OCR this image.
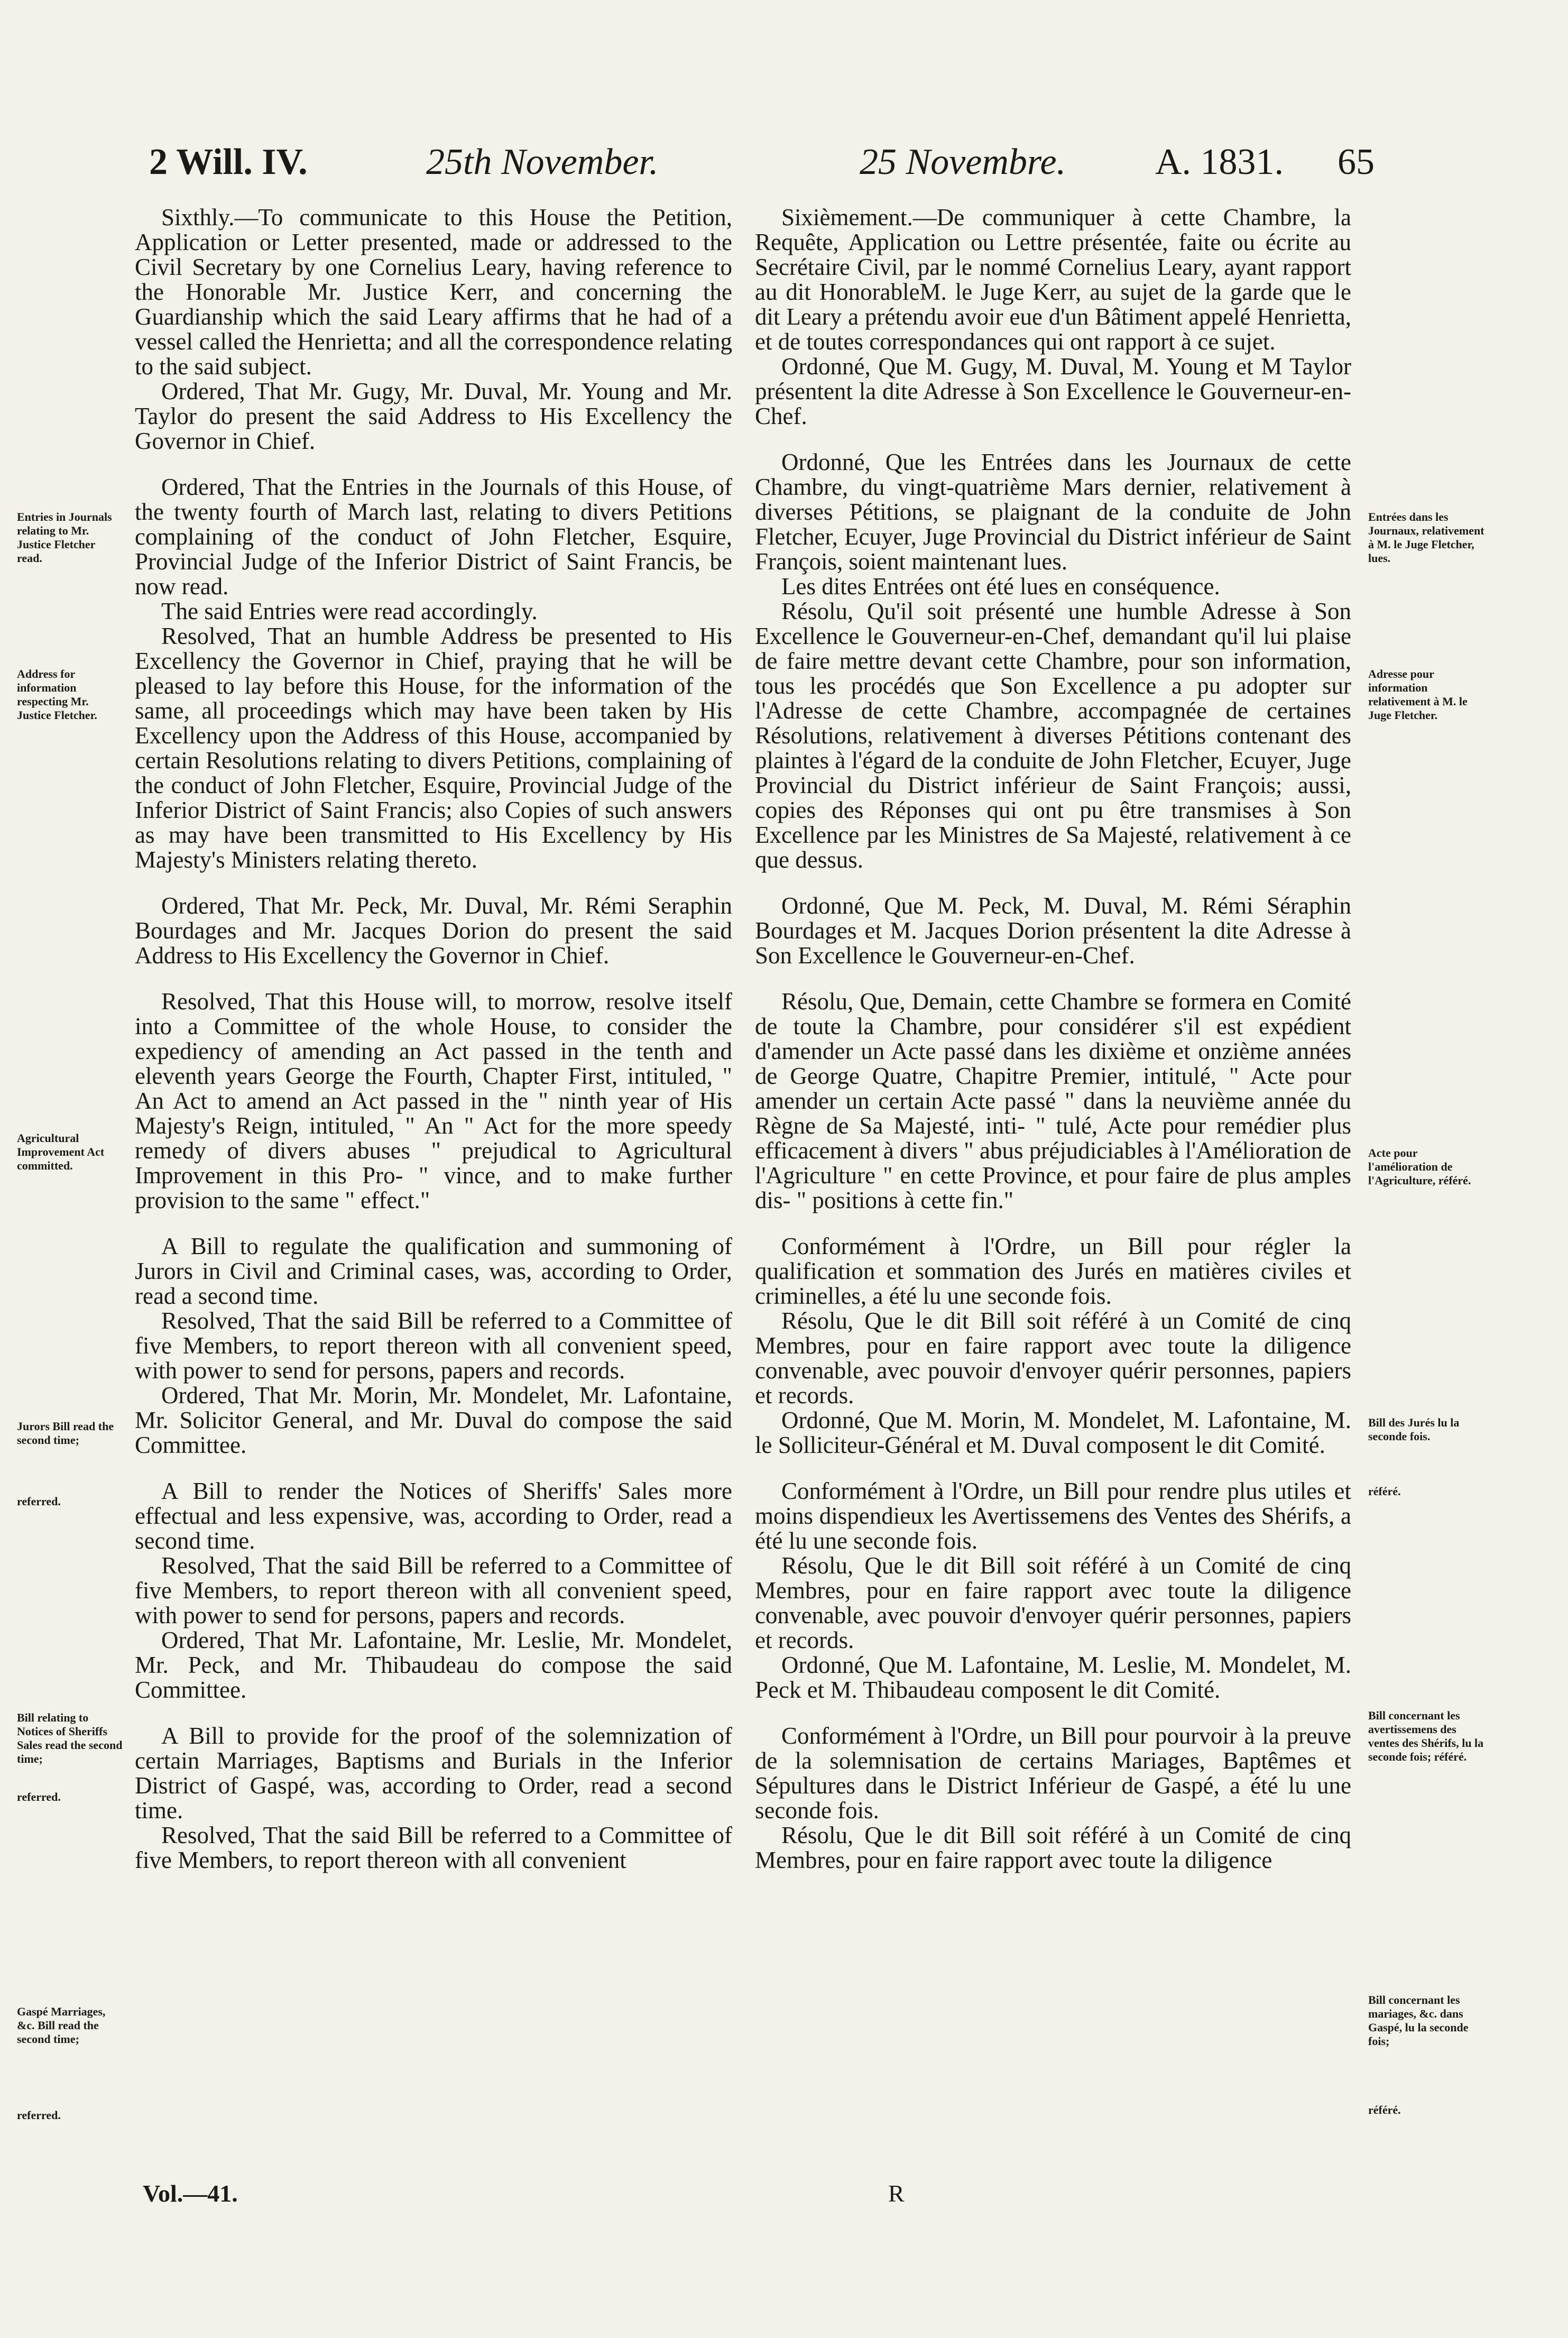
2 Will. IV.	25th November.	25 Novembre. A. 1831. 65

Sixthly.—To communicate to this House the Petition, Application or Letter presented, made or addressed to the Civil Secretary by one Cornelius Leary, having reference to the Honorable Mr. Justice Kerr, and concerning the Guardianship which the said Leary affirms that he had of a vessel called the Henrietta; and all the correspondence relating to the said subject.

Ordered, That Mr. Gugy, Mr. Duval, Mr. Young and Mr. Taylor do present the said Address to His Excellency the Governor in Chief.

Ordered, That the Entries in the Journals of this House, of the twenty fourth of March last, relating to divers Petitions complaining of the conduct of John Fletcher, Esquire, Provincial Judge of the Inferior District of Saint Francis, be now read.

The said Entries were read accordingly.

Resolved, That an humble Address be presented to His Excellency the Governor in Chief, praying that he will be pleased to lay before this House, for the information of the same, all proceedings which may have been taken by His Excellency upon the Address of this House, accompanied by certain Resolutions relating to divers Petitions, complaining of the conduct of John Fletcher, Esquire, Provincial Judge of the Inferior District of Saint Francis; also Copies of such answers as may have been transmitted to His Excellency by His Majesty's Ministers relating thereto.

Ordered, That Mr. Peck, Mr. Duval, Mr. Rémi Seraphin Bourdages and Mr. Jacques Dorion do present the said Address to His Excellency the Governor in Chief.

Resolved, That this House will, to morrow, resolve itself into a Committee of the whole House, to consider the expediency of amending an Act passed in the tenth and eleventh years George the Fourth, Chapter First, intituled, " An Act to amend an Act passed in the " ninth year of His Majesty's Reign, intituled, " An " Act for the more speedy remedy of divers abuses " prejudical to Agricultural Improvement in this Pro- " vince, and to make further provision to the same " effect."

A Bill to regulate the qualification and summoning of Jurors in Civil and Criminal cases, was, according to Order, read a second time.

Resolved, That the said Bill be referred to a Committee of five Members, to report thereon with all convenient speed, with power to send for persons, papers and records.

Ordered, That Mr. Morin, Mr. Mondelet, Mr. Lafontaine, Mr. Solicitor General, and Mr. Duval do compose the said Committee.

A Bill to render the Notices of Sheriffs' Sales more effectual and less expensive, was, according to Order, read a second time.

Resolved, That the said Bill be referred to a Committee of five Members, to report thereon with all convenient speed, with power to send for persons, papers and records.

Ordered, That Mr. Lafontaine, Mr. Leslie, Mr. Mondelet, Mr. Peck, and Mr. Thibaudeau do compose the said Committee.

A Bill to provide for the proof of the solemnization of certain Marriages, Baptisms and Burials in the Inferior District of Gaspé, was, according to Order, read a second time.

Resolved, That the said Bill be referred to a Committee of five Members, to report thereon with all convenient

Sixièmement.—De communiquer à cette Chambre, la Requête, Application ou Lettre présentée, faite ou écrite au Secrétaire Civil, par le nommé Cornelius Leary, ayant rapport au dit HonorableM. le Juge Kerr, au sujet de la garde que le dit Leary a prétendu avoir eue d'un Bâtiment appelé Henrietta, et de toutes correspondances qui ont rapport à ce sujet.

Ordonné, Que M. Gugy, M. Duval, M. Young et M Taylor présentent la dite Adresse à Son Excellence le Gouverneur-en-Chef.

Ordonné, Que les Entrées dans les Journaux de cette Chambre, du vingt-quatrième Mars dernier, relativement à diverses Pétitions, se plaignant de la conduite de John Fletcher, Ecuyer, Juge Provincial du District inférieur de Saint François, soient maintenant lues.

Les dites Entrées ont été lues en conséquence.

Résolu, Qu'il soit présenté une humble Adresse à Son Excellence le Gouverneur-en-Chef, demandant qu'il lui plaise de faire mettre devant cette Chambre, pour son information, tous les procédés que Son Excellence a pu adopter sur l'Adresse de cette Chambre, accompagnée de certaines Résolutions, relativement à diverses Pétitions contenant des plaintes à l'égard de la conduite de John Fletcher, Ecuyer, Juge Provincial du District inférieur de Saint François; aussi, copies des Réponses qui ont pu être transmises à Son Excellence par les Ministres de Sa Majesté, relativement à ce que dessus.

Ordonné, Que M. Peck, M. Duval, M. Rémi Séraphin Bourdages et M. Jacques Dorion présentent la dite Adresse à Son Excellence le Gouverneur-en-Chef.

Résolu, Que, Demain, cette Chambre se formera en Comité de toute la Chambre, pour considérer s'il est expédient d'amender un Acte passé dans les dixième et onzième années de George Quatre, Chapitre Premier, intitulé, " Acte pour amender un certain Acte passé " dans la neuvième année du Règne de Sa Majesté, inti- " tulé, Acte pour remédier plus efficacement à divers " abus préjudiciables à l'Amélioration de l'Agriculture " en cette Province, et pour faire de plus amples dis- " positions à cette fin."

Conformément à l'Ordre, un Bill pour régler la qualification et sommation des Jurés en matières civiles et criminelles, a été lu une seconde fois.

Résolu, Que le dit Bill soit référé à un Comité de cinq Membres, pour en faire rapport avec toute la diligence convenable, avec pouvoir d'envoyer quérir personnes, papiers et records.

Ordonné, Que M. Morin, M. Mondelet, M. Lafontaine, M. le Solliciteur-Général et M. Duval composent le dit Comité.

Conformément à l'Ordre, un Bill pour rendre plus utiles et moins dispendieux les Avertissemens des Ventes des Shérifs, a été lu une seconde fois.

Résolu, Que le dit Bill soit référé à un Comité de cinq Membres, pour en faire rapport avec toute la diligence convenable, avec pouvoir d'envoyer quérir personnes, papiers et records.

Ordonné, Que M. Lafontaine, M. Leslie, M. Mondelet, M. Peck et M. Thibaudeau composent le dit Comité.

Conformément à l'Ordre, un Bill pour pourvoir à la preuve de la solemnisation de certains Mariages, Baptêmes et Sépultures dans le District Inférieur de Gaspé, a été lu une seconde fois.

Résolu, Que le dit Bill soit référé à un Comité de cinq Membres, pour en faire rapport avec toute la diligence

Entries in Journals relating to Mr. Justice Fletcher read.
Address for information respecting Mr. Justice Fletcher.
Agricultural Improvement Act committed.
Jurors Bill read the second time;
referred.
Bill relating to Notices of Sheriffs Sales read the second time;
referred.
Gaspé Marriages, &c. Bill read the second time;
referred.
Entrées dans les Journaux, relativement à M. le Juge Fletcher, lues.
Adresse pour information relativement à M. le Juge Fletcher.
Acte pour l'amélioration de l'Agriculture, référé.
Bill des Jurés lu la seconde fois.
référé.
Bill concernant les avertissemens des ventes des Shérifs, lu la seconde fois; référé.
Bill concernant les mariages, &c. dans Gaspé, lu la seconde fois;
référé.
Vol.—41.	R
